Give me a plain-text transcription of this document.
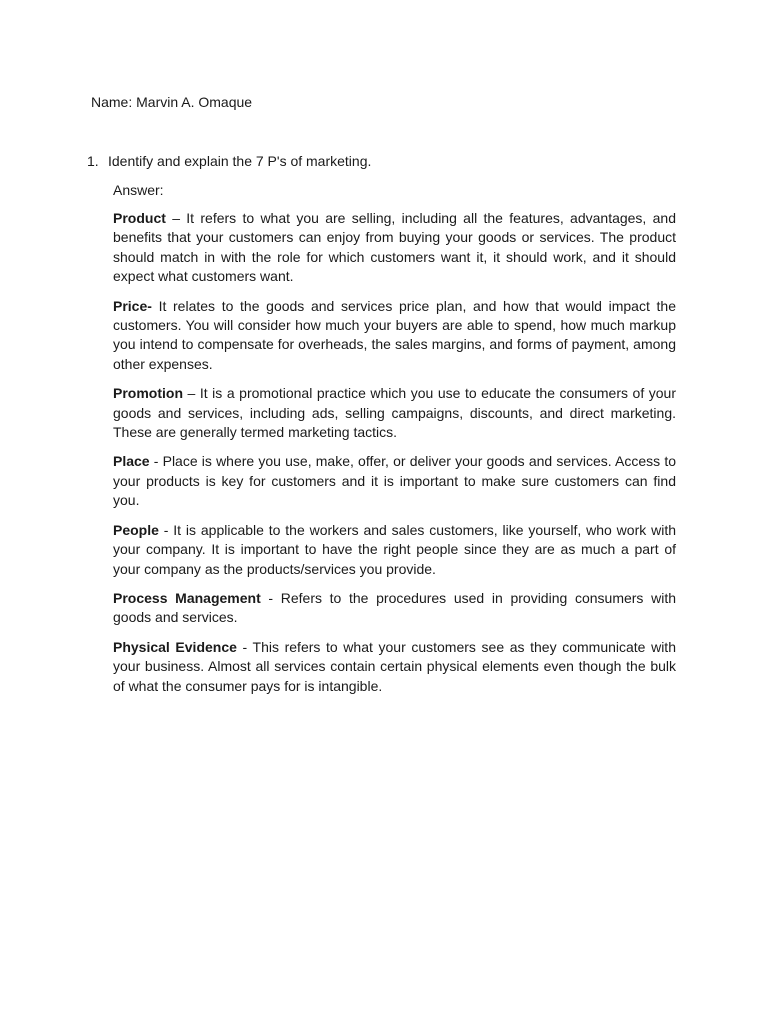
Name: Marvin A. Omaque
1. Identify and explain the 7 P's of marketing.
Answer:

Product – It refers to what you are selling, including all the features, advantages, and benefits that your customers can enjoy from buying your goods or services. The product should match in with the role for which customers want it, it should work, and it should expect what customers want.

Price- It relates to the goods and services price plan, and how that would impact the customers. You will consider how much your buyers are able to spend, how much markup you intend to compensate for overheads, the sales margins, and forms of payment, among other expenses.

Promotion – It is a promotional practice which you use to educate the consumers of your goods and services, including ads, selling campaigns, discounts, and direct marketing. These are generally termed marketing tactics.

Place - Place is where you use, make, offer, or deliver your goods and services. Access to your products is key for customers and it is important to make sure customers can find you.

People - It is applicable to the workers and sales customers, like yourself, who work with your company. It is important to have the right people since they are as much a part of your company as the products/services you provide.

Process Management - Refers to the procedures used in providing consumers with goods and services.

Physical Evidence - This refers to what your customers see as they communicate with your business. Almost all services contain certain physical elements even though the bulk of what the consumer pays for is intangible.
